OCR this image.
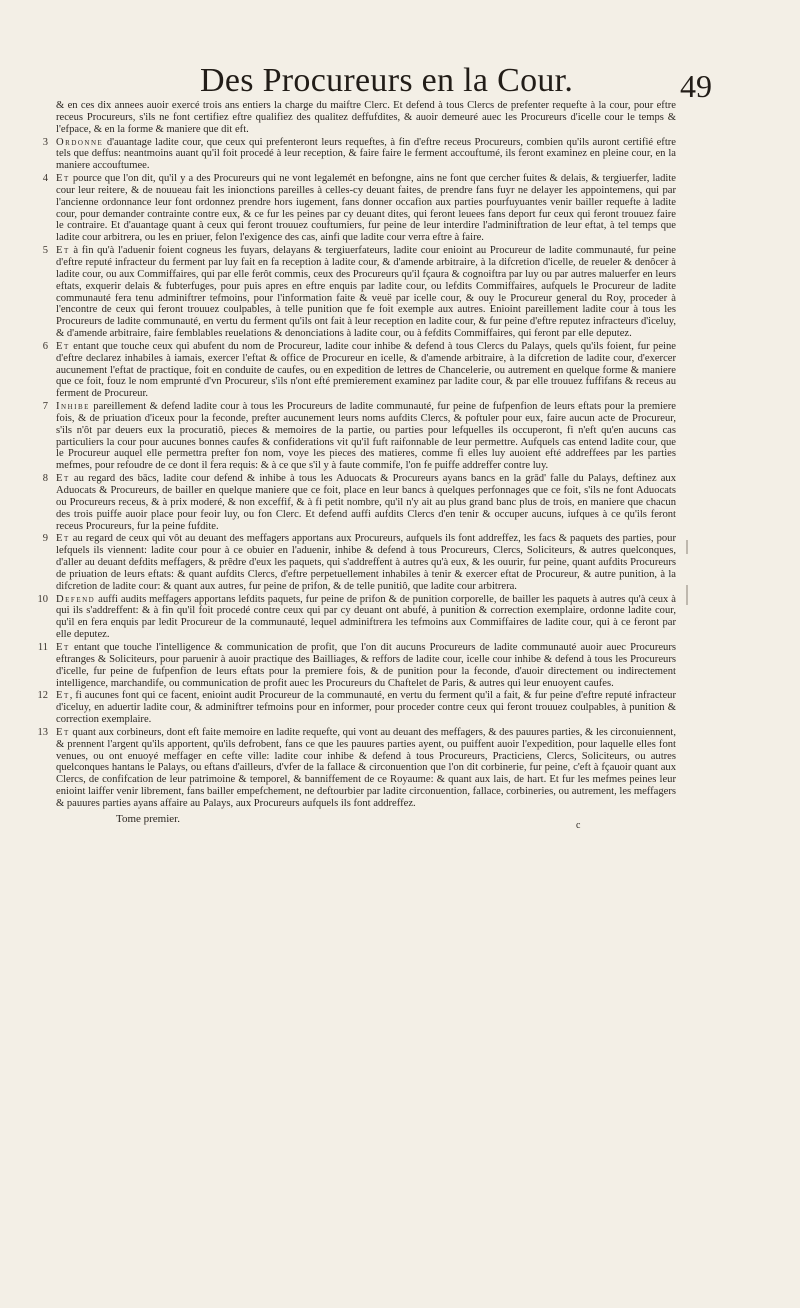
Des Procureurs en la Cour.	49

& en ces dix annees auoir exercé trois ans entiers la charge du maiftre Clerc. Et defend à tous Clercs de prefenter requefte à la cour, pour eftre receus Procureurs, s'ils ne font certifiez eftre qualifiez des qualitez deffufdites, & auoir demeuré auec les Procureurs d'icelle cour le temps & l'efpace, & en la forme & maniere que dit eft.

3 Ordonne d'auantage ladite cour, que ceux qui prefenteront leurs requeftes, à fin d'eftre receus Procureurs, combien qu'ils auront certifié eftre tels que deffus: neantmoins auant qu'il foit procedé à leur reception, & faire faire le ferment accouftumé, ils feront examinez en pleine cour, en la maniere accouftumee.

4 Et pource que l'on dit, qu'il y a des Procureurs qui ne vont legalemét en befongne, ains ne font que cercher fuites & delais, & tergiuerfer, ladite cour leur reitere, & de nouueau fait les inionctions pareilles à celles-cy deuant faites, de prendre fans fuyr ne delayer les appointemens, qui par l'ancienne ordonnance leur font ordonnez prendre hors iugement, fans donner occafion aux parties pourfuyuantes venir bailler requefte à ladite cour, pour demander contrainte contre eux, & ce fur les peines par cy deuant dites, qui feront leuees fans deport fur ceux qui feront trouuez faire le contraire. Et d'auantage quant à ceux qui feront trouuez couftumiers, fur peine de leur interdire l'adminiftration de leur eftat, à tel temps que ladite cour arbitrera, ou les en priuer, felon l'exigence des cas, ainfi que ladite cour verra eftre à faire.

5 Et à fin qu'à l'aduenir foient cogneus les fuyars, delayans & tergiuerfateurs, ladite cour enioint au Procureur de ladite communauté, fur peine d'eftre reputé infracteur du ferment par luy fait en fa reception à ladite cour, & d'amende arbitraire, à la difcretion d'icelle, de reueler & denôcer à ladite cour, ou aux Commiffaires, qui par elle ferôt commis, ceux des Procureurs qu'il fçaura & cognoiftra par luy ou par autres maluerfer en leurs eftats, exquerir delais & fubterfuges, pour puis apres en eftre enquis par ladite cour, ou lefdits Commiffaires, aufquels le Procureur de ladite communauté fera tenu adminiftrer tefmoins, pour l'information faite & veuë par icelle cour, & ouy le Procureur general du Roy, proceder à l'encontre de ceux qui feront trouuez coulpables, à telle punition que fe foit exemple aux autres. Enioint pareillement ladite cour à tous les Procureurs de ladite communauté, en vertu du ferment qu'ils ont fait à leur reception en ladite cour, & fur peine d'eftre reputez infracteurs d'iceluy, & d'amende arbitraire, faire femblables reuelations & denonciations à ladite cour, ou à fefdits Commiffaires, qui feront par elle deputez.

6 Et entant que touche ceux qui abufent du nom de Procureur, ladite cour inhibe & defend à tous Clercs du Palays, quels qu'ils foient, fur peine d'eftre declarez inhabiles à iamais, exercer l'eftat & office de Procureur en icelle, & d'amende arbitraire, à la difcretion de ladite cour, d'exercer aucunement l'eftat de practique, foit en conduite de caufes, ou en expedition de lettres de Chancelerie, ou autrement en quelque forme & maniere que ce foit, fouz le nom emprunté d'vn Procureur, s'ils n'ont efté premierement examinez par ladite cour, & par elle trouuez fuffifans & receus au ferment de Procureur.

7 Inhibe pareillement & defend ladite cour à tous les Procureurs de ladite communauté, fur peine de fufpenfion de leurs eftats pour la premiere fois, & de priuation d'iceux pour la feconde, prefter aucunement leurs noms aufdits Clercs, & poftuler pour eux, faire aucun acte de Procureur, s'ils n'ôt par deuers eux la procuratiô, pieces & memoires de la partie, ou parties pour lefquelles ils occuperont, fi n'eft qu'en aucuns cas particuliers la cour pour aucunes bonnes caufes & confiderations vit qu'il fuft raifonnable de leur permettre. Aufquels cas entend ladite cour, que le Procureur auquel elle permettra prefter fon nom, voye les pieces des matieres, comme fi elles luy auoient efté addreffees par les parties mefmes, pour refoudre de ce dont il fera requis: & à ce que s'il y à faute commife, l'on fe puiffe addreffer contre luy.

8 Et au regard des bācs, ladite cour defend & inhibe à tous les Aduocats & Procureurs ayans bancs en la grād' falle du Palays, deftinez aux Aduocats & Procureurs, de bailler en quelque maniere que ce foit, place en leur bancs à quelques perfonnages que ce foit, s'ils ne font Aduocats ou Procureurs receus, & à prix moderé, & non exceffif, & à fi petit nombre, qu'il n'y ait au plus grand banc plus de trois, en maniere que chacun des trois puiffe auoir place pour feoir luy, ou fon Clerc. Et defend auffi aufdits Clercs d'en tenir & occuper aucuns, iufques à ce qu'ils feront receus Procureurs, fur la peine fufdite.

9 Et au regard de ceux qui vôt au deuant des meffagers apportans aux Procureurs, aufquels ils font addreffez, les facs & paquets des parties, pour lefquels ils viennent: ladite cour pour à ce obuier en l'aduenir, inhibe & defend à tous Procureurs, Clercs, Soliciteurs, & autres quelconques, d'aller au deuant defdits meffagers, & prêdre d'eux les paquets, qui s'addreffent à autres qu'à eux, & les ouurir, fur peine, quant aufdits Procureurs de priuation de leurs eftats: & quant aufdits Clercs, d'eftre perpetuellement inhabiles à tenir & exercer eftat de Procureur, & autre punition, à la difcretion de ladite cour: & quant aux autres, fur peine de prifon, & de telle punitiô, que ladite cour arbitrera.

10 Defend auffi audits meffagers apportans lefdits paquets, fur peine de prifon & de punition corporelle, de bailler les paquets à autres qu'à ceux à qui ils s'addreffent: & à fin qu'il foit procedé contre ceux qui par cy deuant ont abufé, à punition & correction exemplaire, ordonne ladite cour, qu'il en fera enquis par ledit Procureur de la communauté, lequel adminiftrera les tefmoins aux Commiffaires de ladite cour, qui à ce feront par elle deputez.

11 Et entant que touche l'intelligence & communication de profit, que l'on dit aucuns Procureurs de ladite communauté auoir auec Procureurs eftranges & Soliciteurs, pour paruenir à auoir practique des Bailliages, & reffors de ladite cour, icelle cour inhibe & defend à tous les Procureurs d'icelle, fur peine de fufpenfion de leurs eftats pour la premiere fois, & de punition pour la feconde, d'auoir directement ou indirectement intelligence, marchandife, ou communication de profit auec les Procureurs du Chaftelet de Paris, & autres qui leur enuoyent caufes.

12 Et, fi aucunes font qui ce facent, enioint audit Procureur de la communauté, en vertu du ferment qu'il a fait, & fur peine d'eftre reputé infracteur d'iceluy, en aduertir ladite cour, & adminiftrer tefmoins pour en informer, pour proceder contre ceux qui feront trouuez coulpables, à punition & correction exemplaire.

13 Et quant aux corbineurs, dont eft faite memoire en ladite requefte, qui vont au deuant des meffagers, & des pauures parties, & les circonuiennent, & prennent l'argent qu'ils apportent, qu'ils defrobent, fans ce que les pauures parties ayent, ou puiffent auoir l'expedition, pour laquelle elles font venues, ou ont enuoyé meffager en cefte ville: ladite cour inhibe & defend à tous Procureurs, Practiciens, Clercs, Soliciteurs, ou autres quelconques hantans le Palays, ou eftans d'ailleurs, d'vfer de la fallace & circonuention que l'on dit corbinerie, fur peine, c'eft à fçauoir quant aux Clercs, de confifcation de leur patrimoine & temporel, & banniffement de ce Royaume: & quant aux lais, de hart. Et fur les mefmes peines leur enioint laiffer venir librement, fans bailler empefchement, ne deftourbier par ladite circonuention, fallace, corbineries, ou autrement, les meffagers & pauures parties ayans affaire au Palays, aux Procureurs aufquels ils font addreffez.

Tome premier.
c
